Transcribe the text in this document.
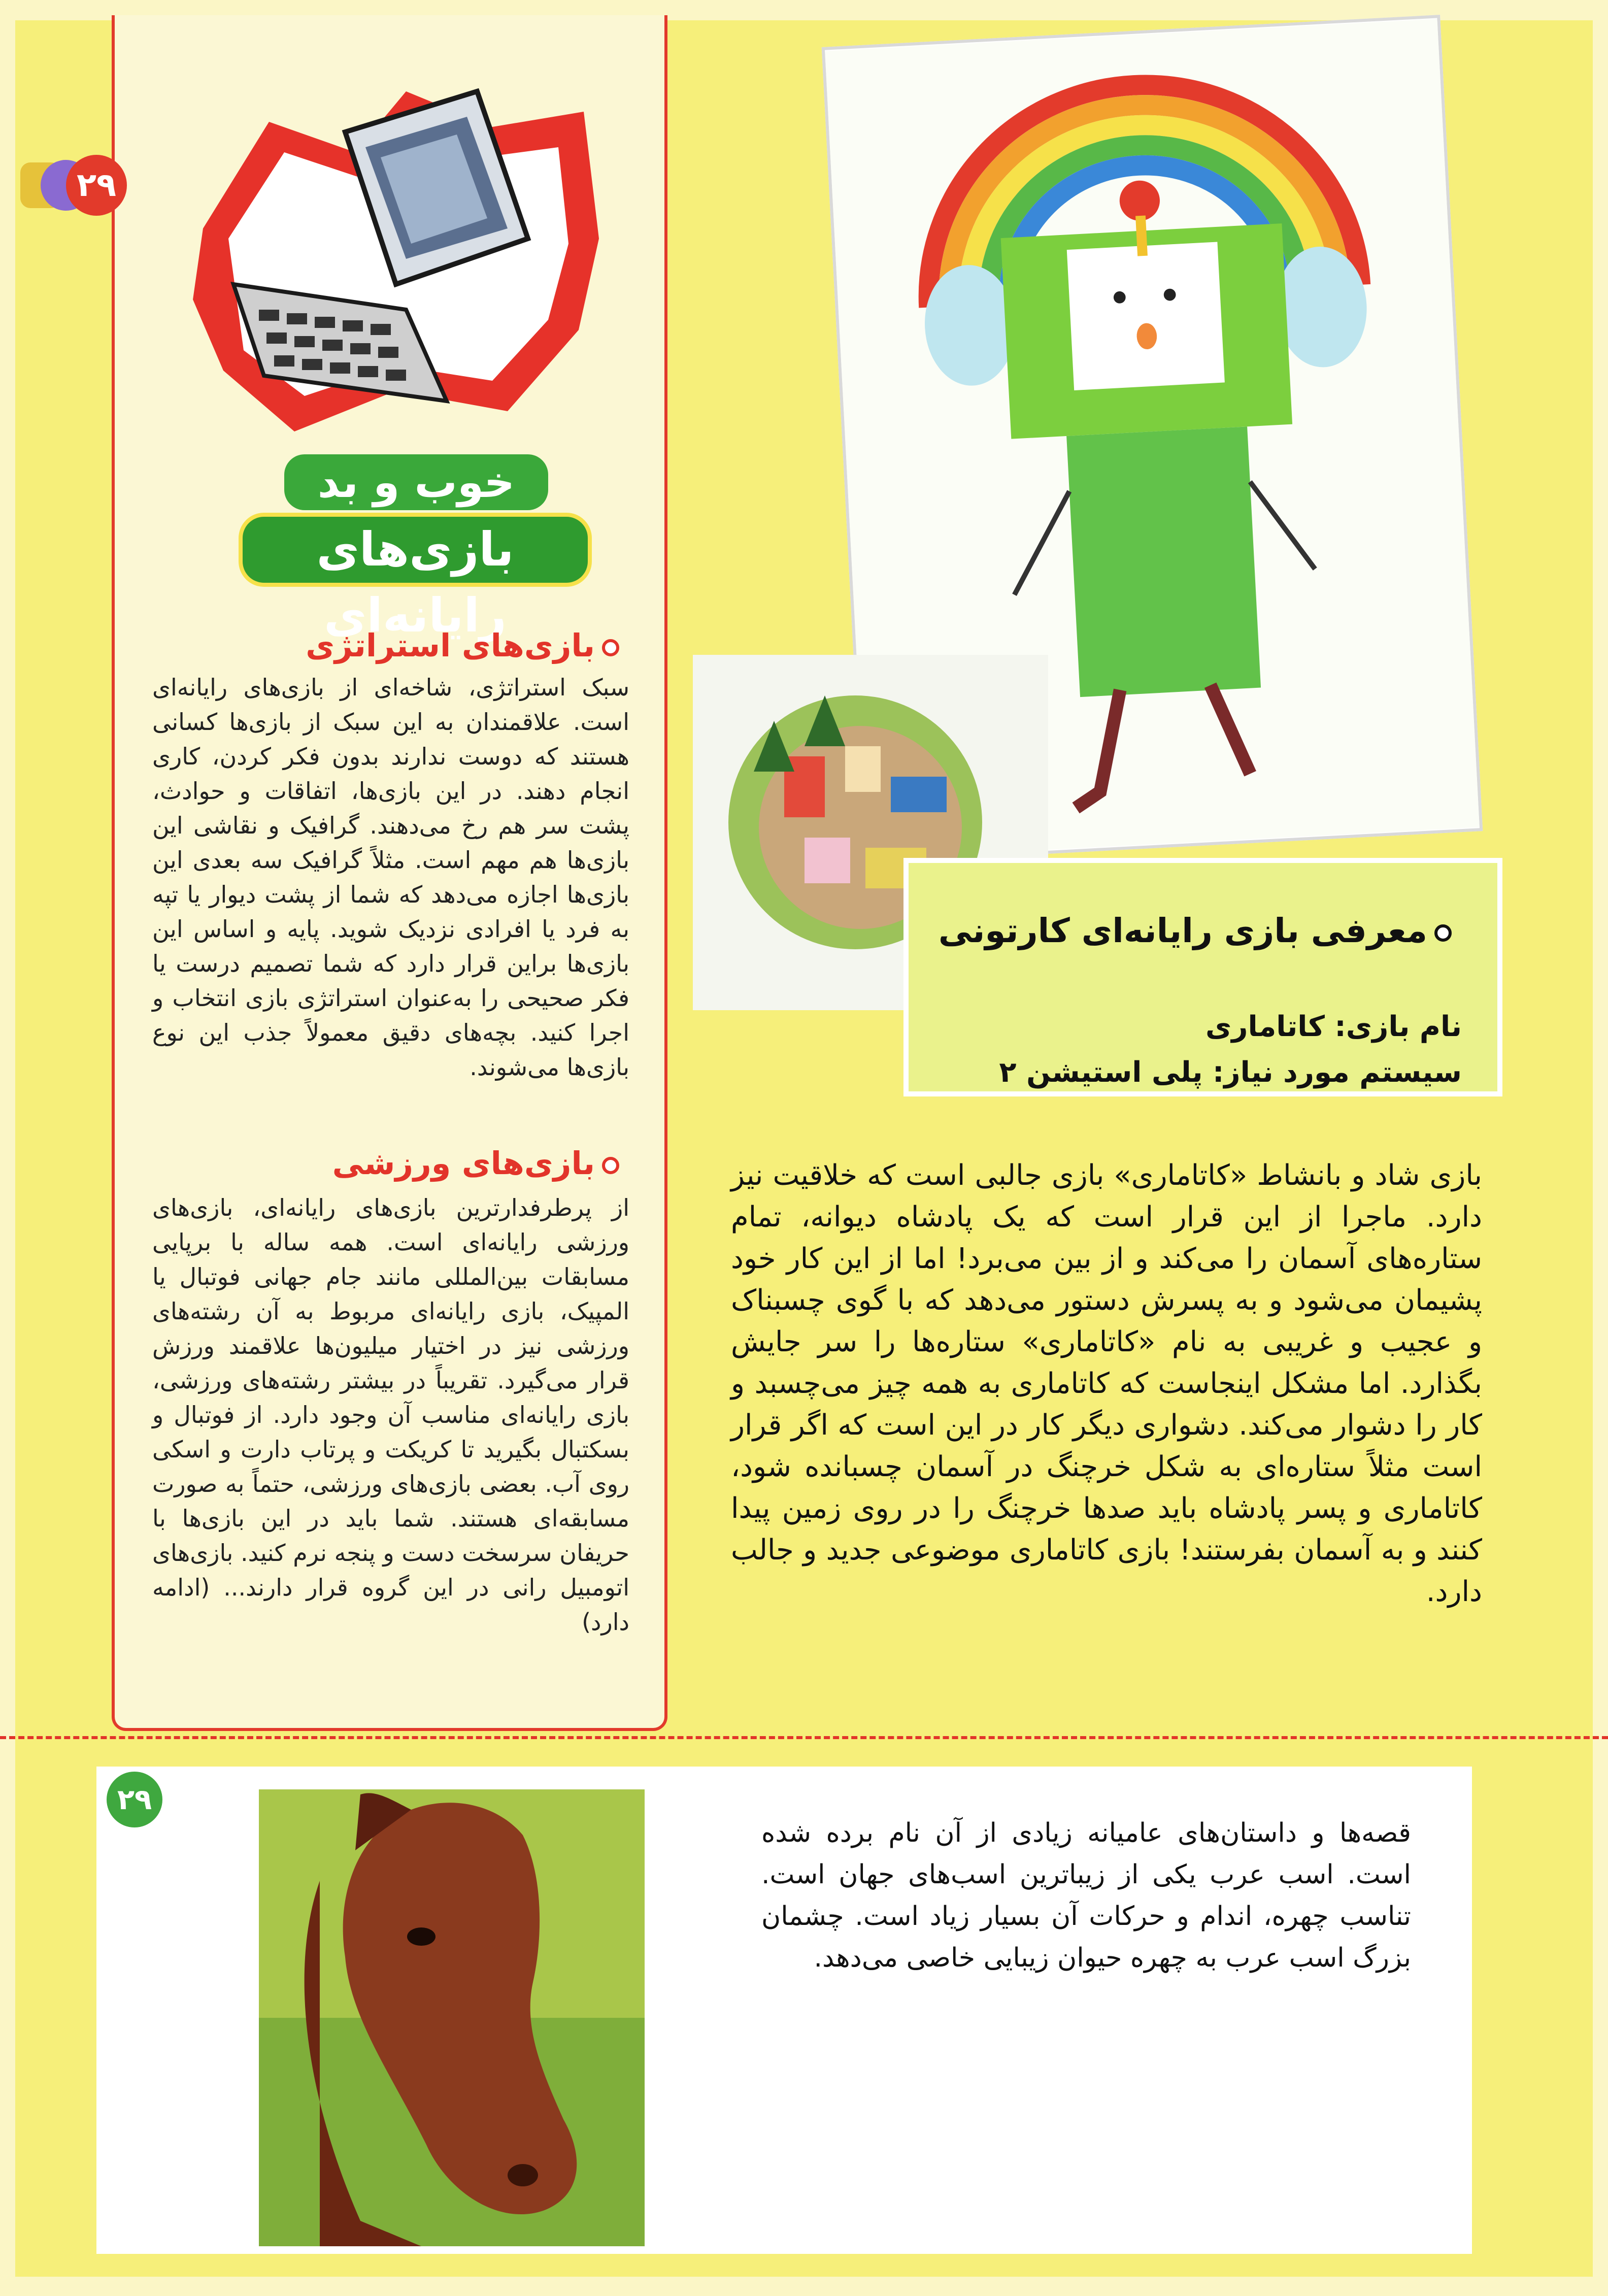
۲۹
خوب و بد
بازی‌های رایانه‌ای
بازی‌های استراتژی
سبک استراتژی، شاخه‌ای از بازی‌های رایانه‌ای است. علاقمندان به این سبک از بازی‌ها کسانی هستند که دوست ندارند بدون فکر کردن، کاری انجام دهند. در این بازی‌ها، اتفاقات و حوادث، پشت سر هم رخ می‌دهند. گرافیک و نقاشی این بازی‌ها هم مهم است. مثلاً گرافیک سه بعدی این بازی‌ها اجازه می‌دهد که شما از پشت دیوار یا تپه به فرد یا افرادی نزدیک شوید. پایه و اساس این بازی‌ها براین قرار دارد که شما تصمیم درست یا فکر صحیحی را به‌عنوان استراتژی بازی انتخاب و اجرا کنید. بچه‌های دقیق معمولاً جذب این نوع بازی‌ها می‌شوند.
بازی‌های ورزشی
از پرطرفدارترین بازی‌های رایانه‌ای، بازی‌های ورزشی رایانه‌ای است. همه ساله با برپایی مسابقات بین‌المللی مانند جام جهانی فوتبال یا المپیک، بازی رایانه‌ای مربوط به آن رشته‌های ورزشی نیز در اختیار میلیون‌ها علاقمند ورزش قرار می‌گیرد. تقریباً در بیشتر رشته‌های ورزشی، بازی رایانه‌ای مناسب آن وجود دارد. از فوتبال و بسکتبال بگیرید تا کریکت و پرتاب دارت و اسکی روی آب. بعضی بازی‌های ورزشی، حتماً به صورت مسابقه‌ای هستند. شما باید در این بازی‌ها با حریفان سرسخت دست و پنجه نرم کنید. بازی‌های اتومبیل رانی در این گروه قرار دارند... (ادامه دارد)
معرفی بازی رایانه‌ای کارتونی
نام بازی: کاتاماری
سیستم مورد نیاز: پلی استیشن ۲
بازی شاد و بانشاط «کاتاماری» بازی جالبی است که خلاقیت نیز دارد. ماجرا از این قرار است که یک پادشاه دیوانه، تمام ستاره‌های آسمان را می‌کند و از بین می‌برد! اما از این کار خود پشیمان می‌شود و به پسرش دستور می‌دهد که با گوی چسبناک و عجیب و غریبی به نام «کاتاماری» ستاره‌ها را سر جایش بگذارد. اما مشکل اینجاست که کاتاماری به همه چیز می‌چسبد و کار را دشوار می‌کند. دشواری دیگر کار در این است که اگر قرار است مثلاً ستاره‌ای به شکل خرچنگ در آسمان چسبانده شود، کاتاماری و پسر پادشاه باید صدها خرچنگ را در روی زمین پیدا کنند و به آسمان بفرستند! بازی کاتاماری موضوعی جدید و جالب دارد.
۲۹
قصه‌ها و داستان‌های عامیانه زیادی از آن نام برده شده است. اسب عرب یکی از زیباترین اسب‌های جهان است. تناسب چهره، اندام و حرکات آن بسیار زیاد است. چشمان بزرگ اسب عرب به چهره حیوان زیبایی خاصی می‌دهد.
